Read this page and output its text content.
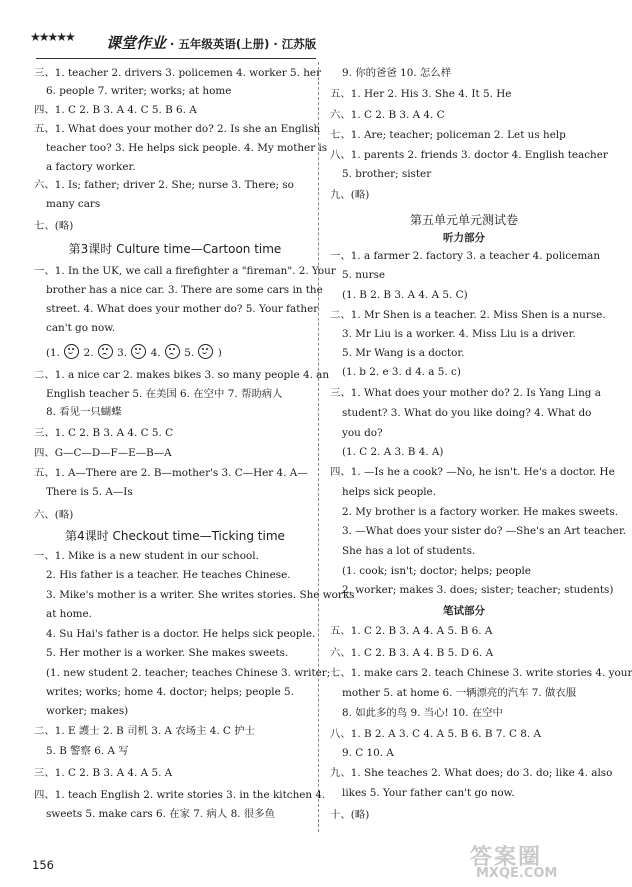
★★★★★ 课堂作业 · 五年级英语(上册) · 江苏版
三、1. teacher 2. drivers 3. policemen 4. worker 5. her
6. people 7. writer; works; at home
四、1. C 2. B 3. A 4. C 5. B 6. A
五、1. What does your mother do? 2. Is she an English
teacher too? 3. He helps sick people. 4. My mother is
a factory worker.
六、1. Is; father; driver 2. She; nurse 3. There; so
many cars
七、(略)
第3课时 Culture time—Cartoon time
一、1. In the UK, we call a firefighter a "fireman". 2. Your
brother has a nice car. 3. There are some cars in the
street. 4. What does your mother do? 5. Your father
can't go now.
(1. 2. 3. 4. 5. )
二、1. a nice car 2. makes bikes 3. so many people 4. an
English teacher 5. 在美国 6. 在空中 7. 帮助病人
8. 看见一只蝴蝶
三、1. C 2. B 3. A 4. C 5. C
四、G—C—D—F—E—B—A
五、1. A—There are 2. B—mother's 3. C—Her 4. A—
There is 5. A—Is
六、(略)
第4课时 Checkout time—Ticking time
一、1. Mike is a new student in our school.
2. His father is a teacher. He teaches Chinese.
3. Mike's mother is a writer. She writes stories. She works
at home.
4. Su Hai's father is a doctor. He helps sick people.
5. Her mother is a worker. She makes sweets.
(1. new student 2. teacher; teaches Chinese 3. writer;
writes; works; home 4. doctor; helps; people 5.
worker; makes)
二、1. E 護士 2. B 司机 3. A 农场主 4. C 护士
5. B 警察 6. A 写
三、1. C 2. B 3. A 4. A 5. A
四、1. teach English 2. write stories 3. in the kitchen 4.
sweets 5. make cars 6. 在家 7. 病人 8. 很多鱼
9. 你的爸爸 10. 怎么样
五、1. Her 2. His 3. She 4. It 5. He
六、1. C 2. B 3. A 4. C
七、1. Are; teacher; policeman 2. Let us help
八、1. parents 2. friends 3. doctor 4. English teacher
5. brother; sister
九、(略)
第五单元单元测试卷
听力部分
一、1. a farmer 2. factory 3. a teacher 4. policeman
5. nurse
(1. B 2. B 3. A 4. A 5. C)
二、1. Mr Shen is a teacher. 2. Miss Shen is a nurse.
3. Mr Liu is a worker. 4. Miss Liu is a driver.
5. Mr Wang is a doctor.
(1. b 2. e 3. d 4. a 5. c)
三、1. What does your mother do? 2. Is Yang Ling a
student? 3. What do you like doing? 4. What do
you do?
(1. C 2. A 3. B 4. A)
四、1. —Is he a cook? —No, he isn't. He's a doctor. He
helps sick people.
2. My brother is a factory worker. He makes sweets.
3. —What does your sister do? —She's an Art teacher.
She has a lot of students.
(1. cook; isn't; doctor; helps; people
2. worker; makes 3. does; sister; teacher; students)
笔试部分
五、1. C 2. B 3. A 4. A 5. B 6. A
六、1. C 2. B 3. A 4. B 5. D 6. A
七、1. make cars 2. teach Chinese 3. write stories 4. your
mother 5. at home 6. 一辆漂亮的汽车 7. 做衣服
8. 如此多的鸟 9. 当心! 10. 在空中
八、1. B 2. A 3. C 4. A 5. B 6. B 7. C 8. A
9. C 10. A
九、1. She teaches 2. What does; do 3. do; like 4. also
likes 5. Your father can't go now.
十、(略)
156	答案圈
MXQE.COM
